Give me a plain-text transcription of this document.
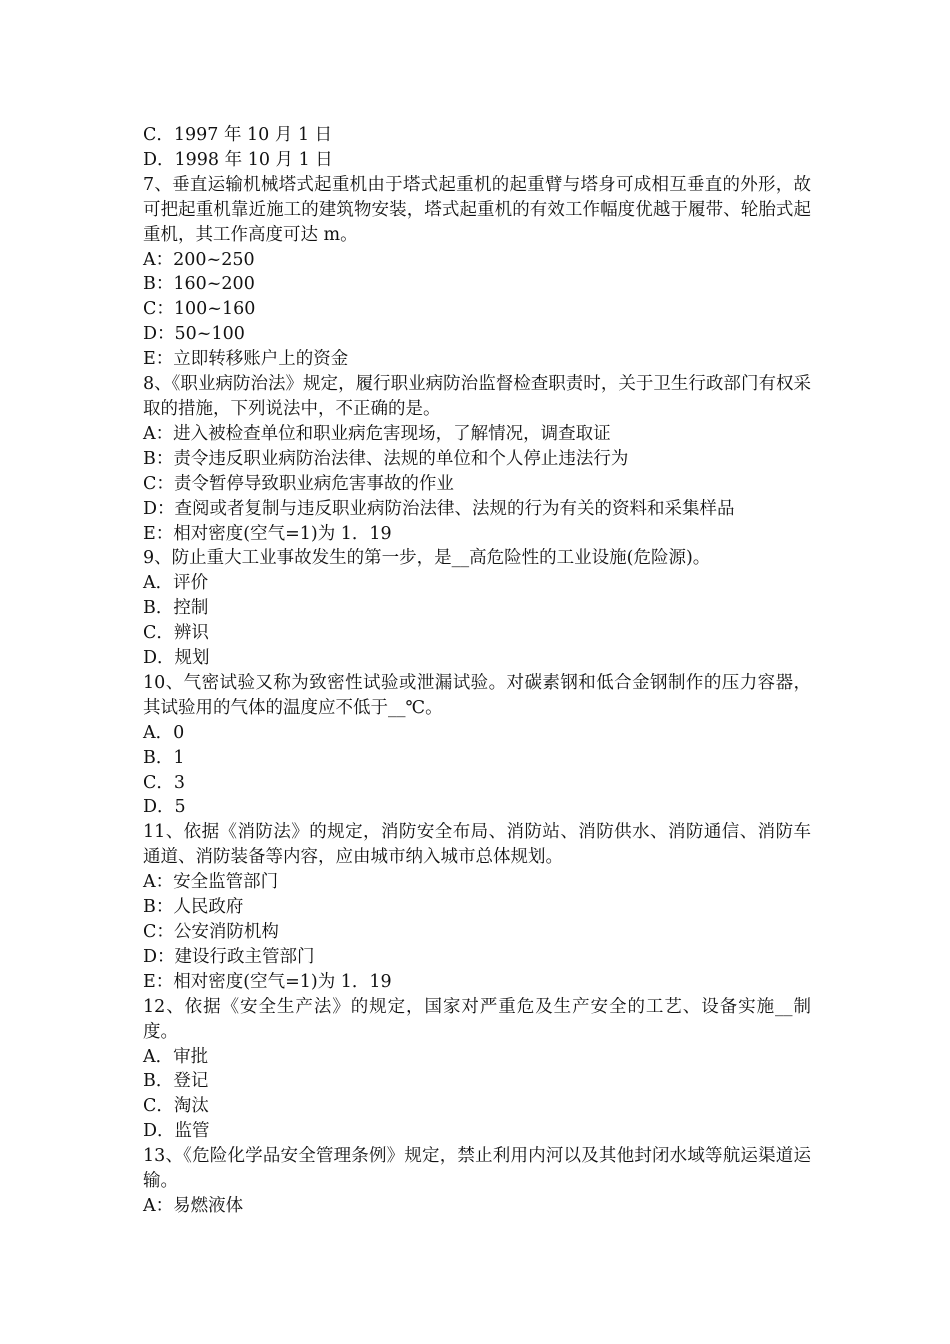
C．1997 年 10 月 1 日
D．1998 年 10 月 1 日
7、垂直运输机械塔式起重机由于塔式起重机的起重臂与塔身可成相互垂直的外形，故可把起重机靠近施工的建筑物安装，塔式起重机的有效工作幅度优越于履带、轮胎式起重机，其工作高度可达 m。
A：200~250
B：160~200
C：100~160
D：50~100
E：立即转移账户上的资金
8、《职业病防治法》规定，履行职业病防治监督检查职责时，关于卫生行政部门有权采取的措施，下列说法中，不正确的是。
A：进入被检查单位和职业病危害现场，了解情况，调查取证
B：责令违反职业病防治法律、法规的单位和个人停止违法行为
C：责令暂停导致职业病危害事故的作业
D：查阅或者复制与违反职业病防治法律、法规的行为有关的资料和采集样品
E：相对密度(空气=1)为 1．19
9、防止重大工业事故发生的第一步，是__高危险性的工业设施(危险源)。
A．评价
B．控制
C．辨识
D．规划
10、气密试验又称为致密性试验或泄漏试验。对碳素钢和低合金钢制作的压力容器，其试验用的气体的温度应不低于__℃。
A．0
B．1
C．3
D．5
11、依据《消防法》的规定，消防安全布局、消防站、消防供水、消防通信、消防车通道、消防装备等内容，应由城市纳入城市总体规划。
A：安全监管部门
B：人民政府
C：公安消防机构
D：建设行政主管部门
E：相对密度(空气=1)为 1．19
12、依据《安全生产法》的规定，国家对严重危及生产安全的工艺、设备实施__制度。
A．审批
B．登记
C．淘汰
D．监管
13、《危险化学品安全管理条例》规定，禁止利用内河以及其他封闭水域等航运渠道运输。
A：易燃液体
